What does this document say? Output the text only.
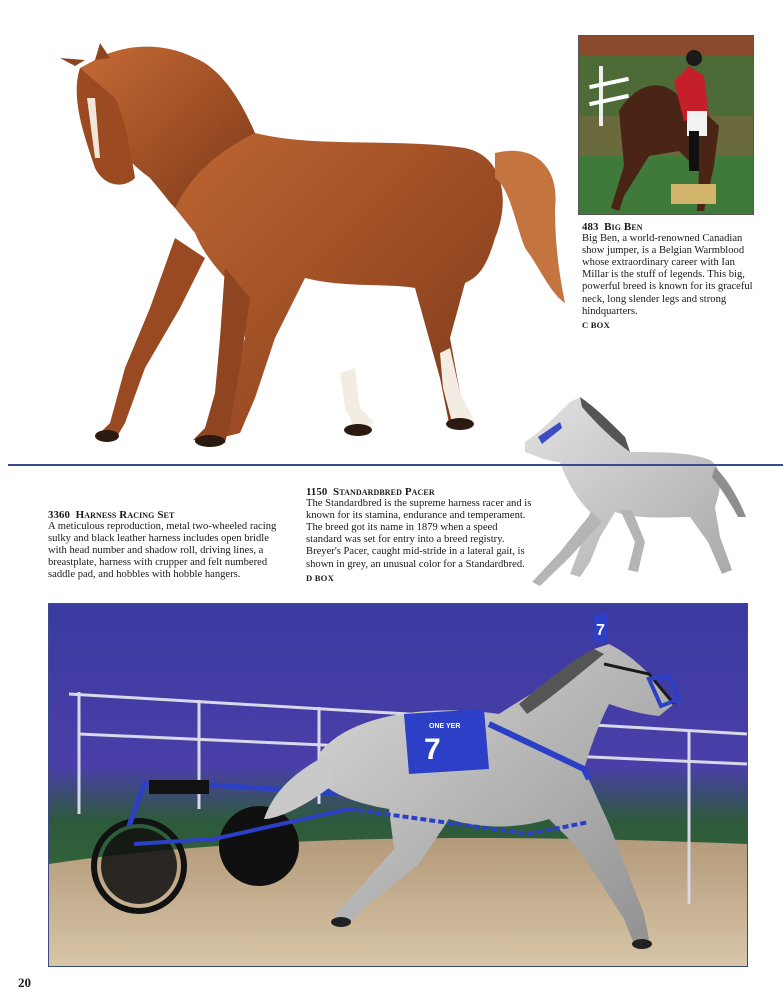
483 Big Ben
Big Ben, a world-renowned Canadian show jumper, is a Belgian Warmblood whose extraordinary career with Ian Millar is the stuff of legends. This big, powerful breed is known for its graceful neck, long slender legs and strong hindquarters.
C BOX
1150 Standardbred Pacer
The Standardbred is the supreme harness racer and is known for its stamina, endurance and temperament. The breed got its name in 1879 when a speed standard was set for entry into a breed registry. Breyer's Pacer, caught mid-stride in a lateral gait, is shown in grey, an unusual color for a Standardbred.
D BOX
3360 Harness Racing Set
A meticulous reproduction, metal two-wheeled racing sulky and black leather harness includes open bridle with head number and shadow roll, driving lines, a breastplate, harness with crupper and felt numbered saddle pad, and hobbles with hobble hangers.
7
ONE YER
7
20
